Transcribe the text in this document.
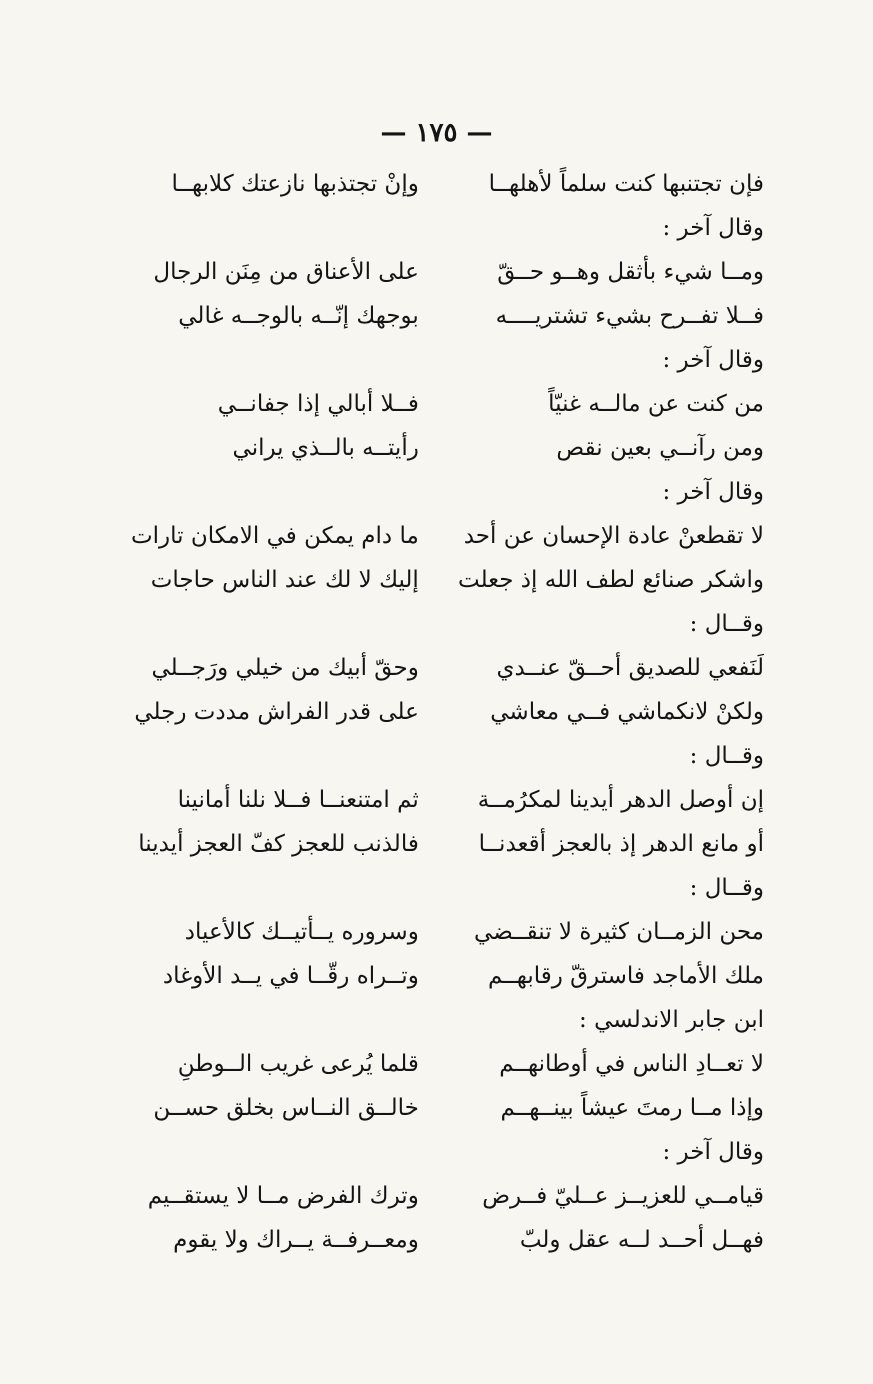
— ١٧٥ —
فإن تجتنبها كنت سلماً لأهلهــا
وإنْ تجتذبها نازعتك كلابهــا
وقال آخر :
ومــا شيء بأثقل وهــو حــقّ
على الأعناق من مِنَن الرجال
فــلا تفــرح بشيء تشتريــــه
بوجهك إنّــه بالوجــه غالي
وقال آخر :
من كنت عن مالــه غنيّاً
فــلا أبالي إذا جفانــي
ومن رآنــي بعين نقص
رأيتــه بالــذي يراني
وقال آخر :
لا تقطعنْ عادة الإحسان عن أحد
ما دام يمكن في الامكان تارات
واشكر صنائع لطف الله إذ جعلت
إليك لا لك عند الناس حاجات
وقــال :
لَنَفعي للصديق أحــقّ عنــدي
وحقّ أبيك من خيلي ورَجــلي
ولكنْ لانكماشي فــي معاشي
على قدر الفراش مددت رجلي
وقــال :
إن أوصل الدهر أيدينا لمكرُمــة
ثم امتنعنــا فــلا نلنا أمانينا
أو مانع الدهر إذ بالعجز أقعدنــا
فالذنب للعجز كفّ العجز أيدينا
وقــال :
محن الزمــان كثيرة لا تنقــضي
وسروره يــأتيــك كالأعياد
ملك الأماجد فاسترقّ رقابهــم
وتــراه رقّــا في يــد الأوغاد
ابن جابر الاندلسي :
لا تعــادِ الناس في أوطانهــم
قلما يُرعى غريب الــوطنِ
وإذا مــا رمتَ عيشاً بينــهــم
خالــق النــاس بخلق حســن
وقال آخر :
قيامــي للعزيــز عــليّ فــرض
وترك الفرض مــا لا يستقــيم
فهــل أحــد لــه عقل ولبّ
ومعــرفــة يــراك ولا يقوم
